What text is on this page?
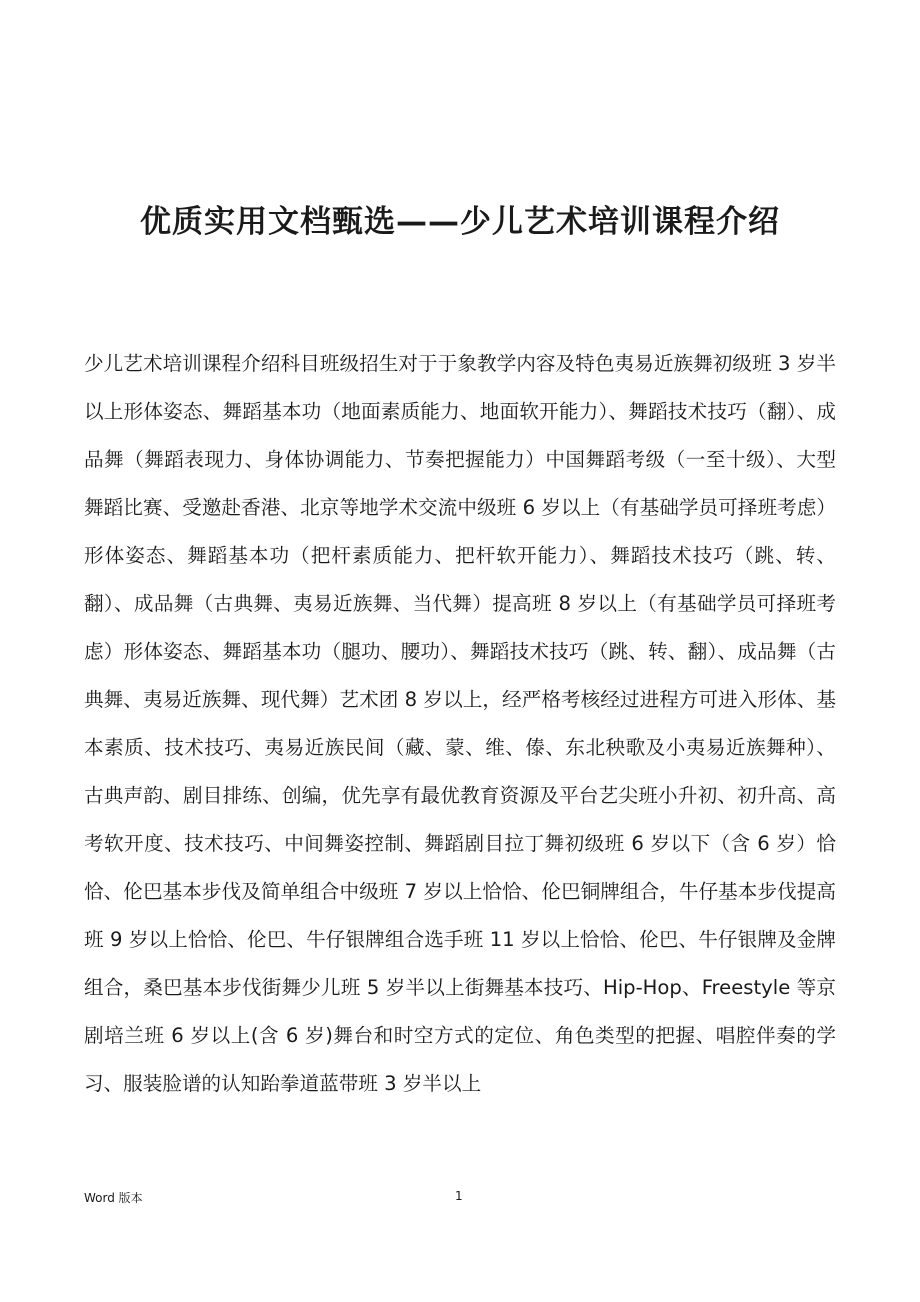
优质实用文档甄选——少儿艺术培训课程介绍

少儿艺术培训课程介绍科目班级招生对于于象教学内容及特色夷易近族舞初级班 3 岁半以上形体姿态、舞蹈基本功（地面素质能力、地面软开能力）、舞蹈技术技巧（翻）、成品舞（舞蹈表现力、身体协调能力、节奏把握能力）中国舞蹈考级（一至十级）、大型舞蹈比赛、受邀赴香港、北京等地学术交流中级班 6 岁以上（有基础学员可择班考虑）形体姿态、舞蹈基本功（把杆素质能力、把杆软开能力）、舞蹈技术技巧（跳、转、翻）、成品舞（古典舞、夷易近族舞、当代舞）提高班 8 岁以上（有基础学员可择班考虑）形体姿态、舞蹈基本功（腿功、腰功）、舞蹈技术技巧（跳、转、翻）、成品舞（古典舞、夷易近族舞、现代舞）艺术团 8 岁以上，经严格考核经过进程方可进入形体、基本素质、技术技巧、夷易近族民间（藏、蒙、维、傣、东北秧歌及小夷易近族舞种）、古典声韵、剧目排练、创编，优先享有最优教育资源及平台艺尖班小升初、初升高、高考软开度、技术技巧、中间舞姿控制、舞蹈剧目拉丁舞初级班 6 岁以下（含 6 岁）恰恰、伦巴基本步伐及简单组合中级班 7 岁以上恰恰、伦巴铜牌组合，牛仔基本步伐提高班 9 岁以上恰恰、伦巴、牛仔银牌组合选手班 11 岁以上恰恰、伦巴、牛仔银牌及金牌组合，桑巴基本步伐街舞少儿班 5 岁半以上街舞基本技巧、Hip-Hop、Freestyle 等京剧培兰班 6 岁以上(含 6 岁)舞台和时空方式的定位、角色类型的把握、唱腔伴奏的学习、服装脸谱的认知跆拳道蓝带班 3 岁半以上

Word 版本	1
